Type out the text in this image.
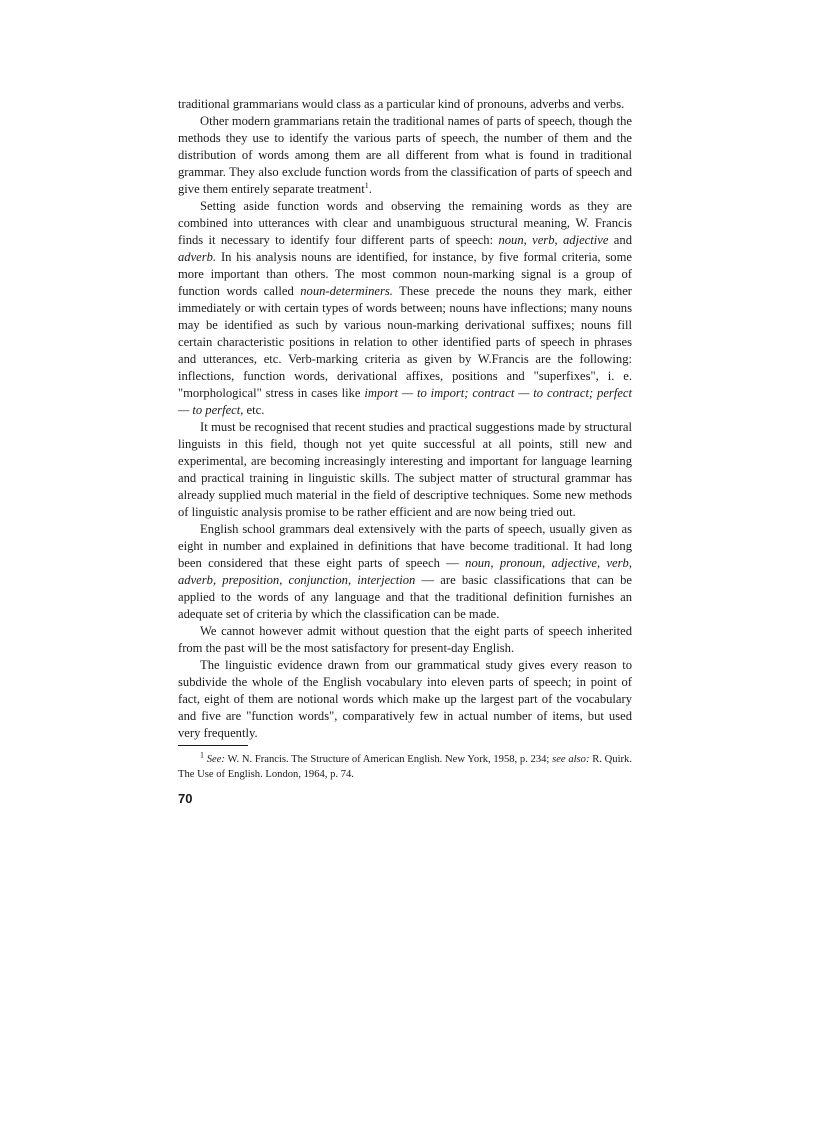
traditional grammarians would class as a particular kind of pronouns, adverbs and verbs.

Other modern grammarians retain the traditional names of parts of speech, though the methods they use to identify the various parts of speech, the number of them and the distribution of words among them are all different from what is found in traditional grammar. They also exclude function words from the classification of parts of speech and give them entirely separate treatment$^1$.

Setting aside function words and observing the remaining words as they are combined into utterances with clear and unambiguous structural meaning, W. Francis finds it necessary to identify four different parts of speech: noun, verb, adjective and adverb. In his analysis nouns are identified, for instance, by five formal criteria, some more important than others. The most common noun-marking signal is a group of function words called noun-determiners. These precede the nouns they mark, either immediately or with certain types of words between; nouns have inflections; many nouns may be identified as such by various noun-marking derivational suffixes; nouns fill certain characteristic positions in relation to other identified parts of speech in phrases and utterances, etc. Verb-marking criteria as given by W.Francis are the following: inflections, function words, derivational affixes, positions and "superfixes", i. e. "morphological" stress in cases like import — to import; contract — to contract; perfect — to perfect, etc.

It must be recognised that recent studies and practical suggestions made by structural linguists in this field, though not yet quite successful at all points, still new and experimental, are becoming increasingly interesting and important for language learning and practical training in linguistic skills. The subject matter of structural grammar has already supplied much material in the field of descriptive techniques. Some new methods of linguistic analysis promise to be rather efficient and are now being tried out.

English school grammars deal extensively with the parts of speech, usually given as eight in number and explained in definitions that have become traditional. It had long been considered that these eight parts of speech — noun, pronoun, adjective, verb, adverb, preposition, conjunction, interjection — are basic classifications that can be applied to the words of any language and that the traditional definition furnishes an adequate set of criteria by which the classification can be made.

We cannot however admit without question that the eight parts of speech inherited from the past will be the most satisfactory for present-day English.

The linguistic evidence drawn from our grammatical study gives every reason to subdivide the whole of the English vocabulary into eleven parts of speech; in point of fact, eight of them are notional words which make up the largest part of the vocabulary and five are "function words", comparatively few in actual number of items, but used very frequently.

$^1$ See: W. N. Francis. The Structure of American English. New York, 1958, p. 234; see also: R. Quirk. The Use of English. London, 1964, p. 74.

70
